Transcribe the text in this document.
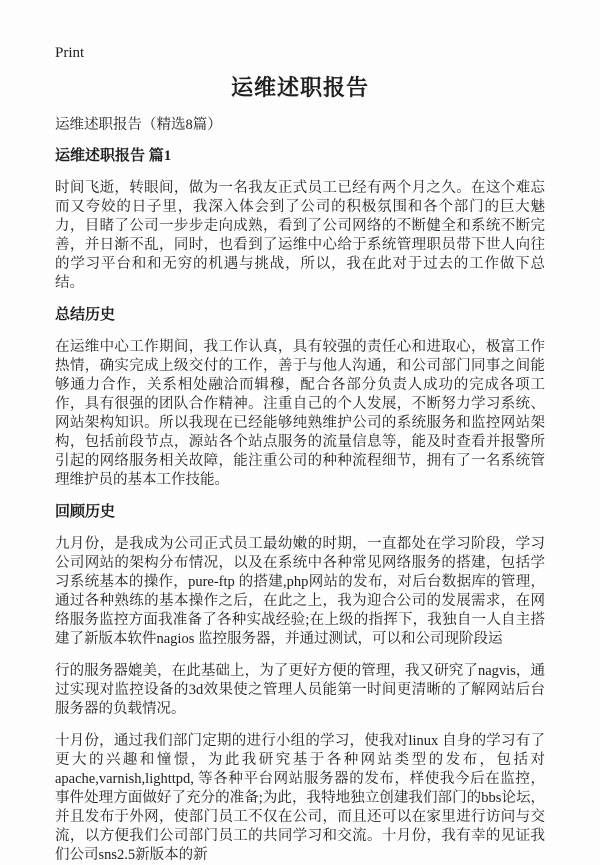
Print
运维述职报告

运维述职报告（精选8篇）

运维述职报告 篇1

时间飞逝，转眼间，做为一名我友正式员工已经有两个月之久。在这个难忘而又夸姣的日子里，我深入体会到了公司的积极氛围和各个部门的巨大魅力，目睹了公司一步步走向成熟，看到了公司网络的不断健全和系统不断完善，并日渐不乱，同时，也看到了运维中心给于系统管理职员带下世人向往的学习平台和和无穷的机遇与挑战，所以，我在此对于过去的工作做下总结。

总结历史

在运维中心工作期间，我工作认真，具有较强的责任心和进取心，极富工作热情，确实完成上级交付的工作，善于与他人沟通，和公司部门同事之间能够通力合作，关系相处融洽而辑穆，配合各部分负责人成功的完成各项工作，具有很强的团队合作精神。注重自己的个人发展，不断努力学习系统、网站架构知识。所以我现在已经能够纯熟维护公司的系统服务和监控网站架构，包括前段节点，源站各个站点服务的流量信息等，能及时查看并报警所引起的网络服务相关故障，能注重公司的种种流程细节，拥有了一名系统管理维护员的基本工作技能。

回顾历史

九月份，是我成为公司正式员工最幼嫩的时期，一直都处在学习阶段，学习公司网站的架构分布情况，以及在系统中各种常见网络服务的搭建，包括学习系统基本的操作，pure-ftp 的搭建,php网站的发布，对后台数据库的管理，通过各种熟练的基本操作之后，在此之上，我为迎合公司的发展需求，在网络服务监控方面我准备了各种实战经验;在上级的指挥下，我独自一人自主搭建了新版本软件nagios 监控服务器，并通过测试，可以和公司现阶段运

行的服务器媲美，在此基础上，为了更好方便的管理，我又研究了nagvis，通过实现对监控设备的3d效果使之管理人员能第一时间更清晰的了解网站后台服务器的负载情况。

十月份，通过我们部门定期的进行小组的学习，使我对linux 自身的学习有了更大的兴趣和憧憬，为此我研究基于各种网站类型的发布，包括对apache,varnish,lighttpd, 等各种平台网站服务器的发布，样使我今后在监控，事件处理方面做好了充分的准备;为此，我特地独立创建我们部门的bbs论坛，并且发布于外网，使部门员工不仅在公司，而且还可以在家里进行访问与交流，以方便我们公司部门员工的共同学习和交流。十月份，我有幸的见证我们公司sns2.5新版本的新
